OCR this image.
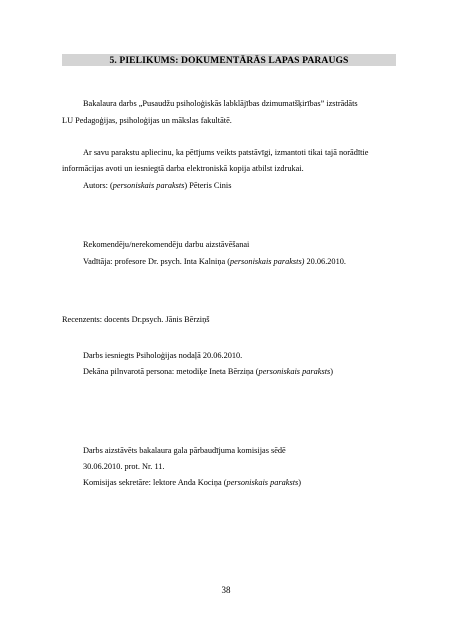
5. PIELIKUMS: DOKUMENTĀRĀS LAPAS PARAUGS
Bakalaura darbs „Pusaudžu psiholoģiskās labklājības dzimumatšķirības” izstrādāts
LU Pedagoģijas, psiholoģijas un mākslas fakultātē.
Ar savu parakstu apliecinu, ka pētījums veikts patstāvīgi, izmantoti tikai tajā norādītie
informācijas avoti un iesniegtā darba elektroniskā kopija atbilst izdrukai.
Autors: (personiskais paraksts) Pēteris Cinis
Rekomendēju/nerekomendēju darbu aizstāvēšanai
Vadītāja: profesore Dr. psych. Inta Kalniņa (personiskais paraksts) 20.06.2010.
Recenzents: docents Dr.psych. Jānis Bērziņš
Darbs iesniegts Psiholoģijas nodaļā 20.06.2010.
Dekāna pilnvarotā persona: metodiķe Ineta Bērziņa (personiskais paraksts)
Darbs aizstāvēts bakalaura gala pārbaudījuma komisijas sēdē
30.06.2010. prot. Nr. 11.
Komisijas sekretāre: lektore Anda Kociņa (personiskais paraksts)
38
